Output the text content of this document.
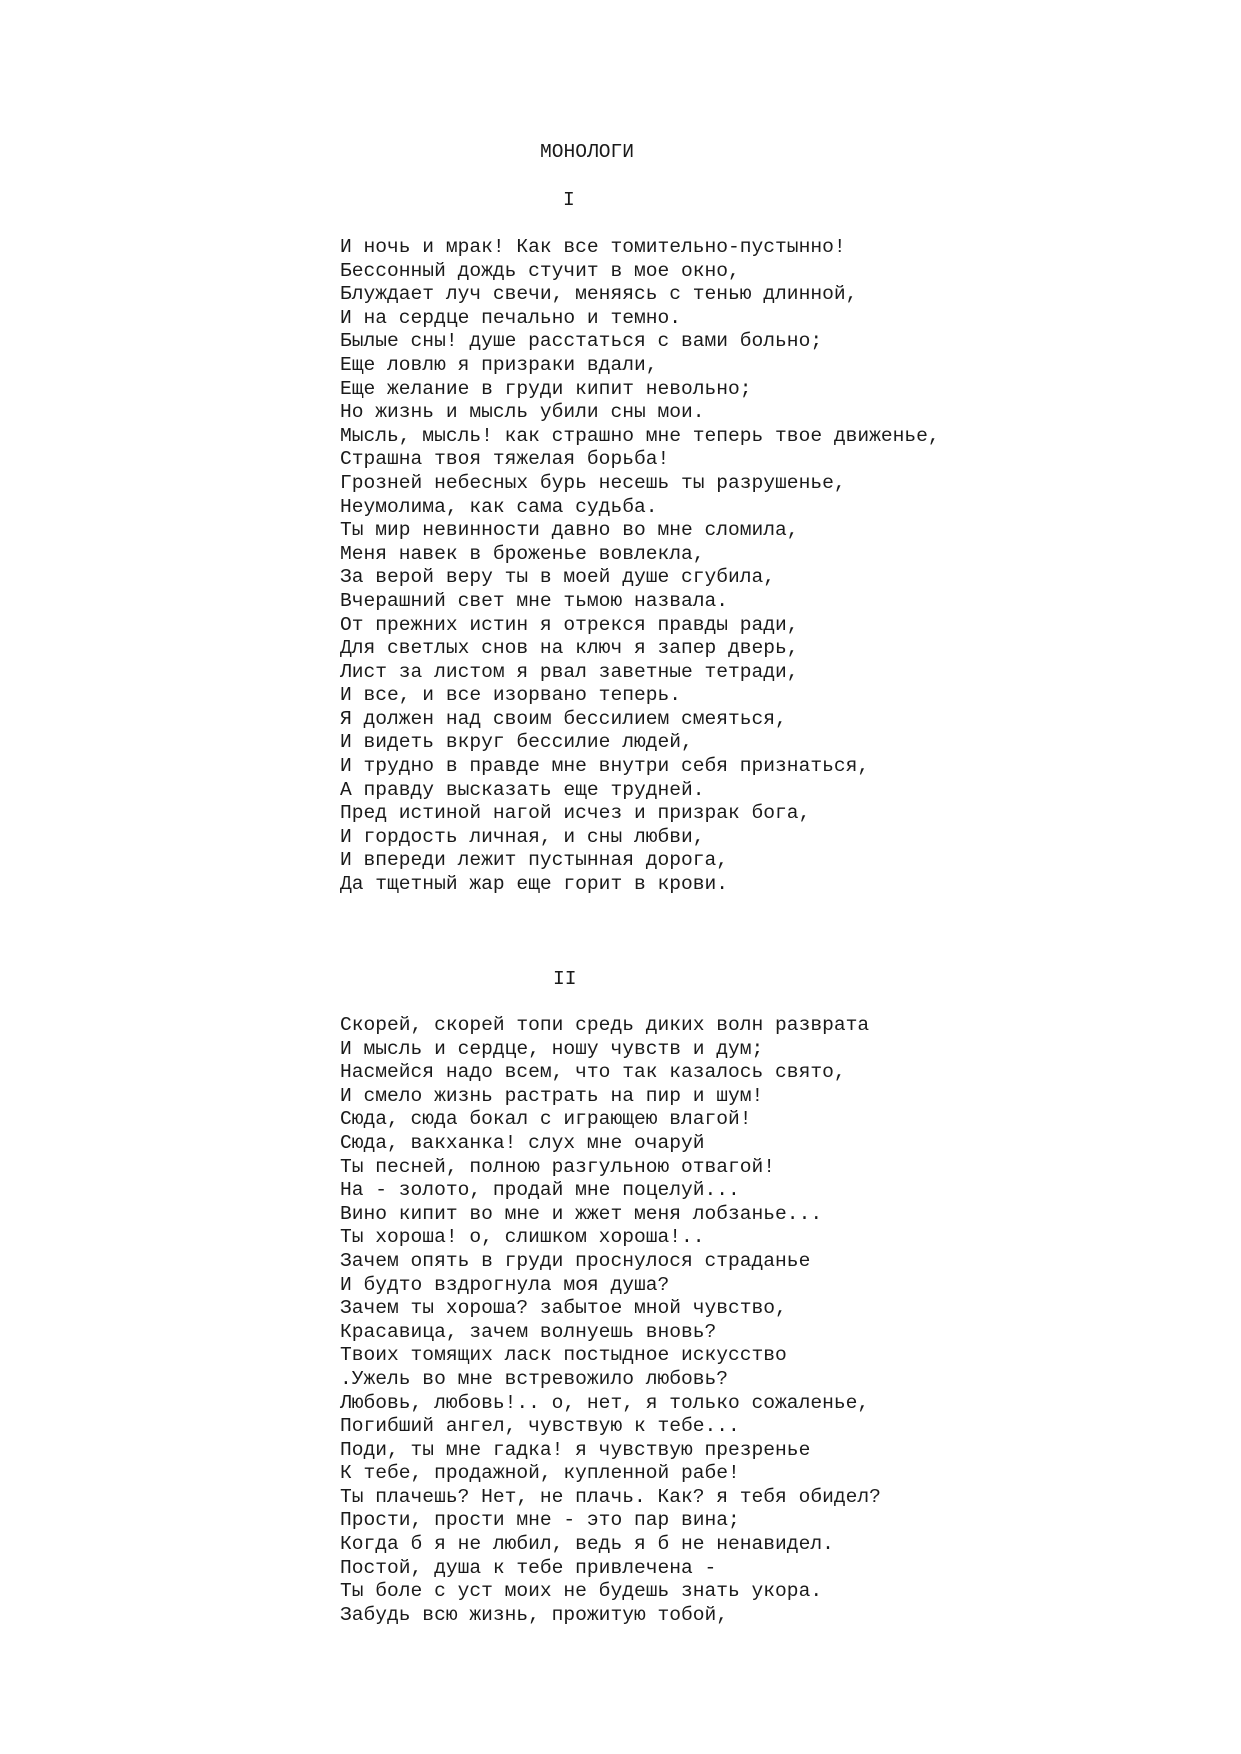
МОНОЛОГИ
I
И ночь и мрак! Как все томительно-пустынно!
Бессонный дождь стучит в мое окно,
Блуждает луч свечи, меняясь с тенью длинной,
И на сердце печально и темно.
Былые сны! душе расстаться с вами больно;
Еще ловлю я призраки вдали,
Еще желание в груди кипит невольно;
Но жизнь и мысль убили сны мои.
Мысль, мысль! как страшно мне теперь твое движенье,
Страшна твоя тяжелая борьба!
Грозней небесных бурь несешь ты разрушенье,
Неумолима, как сама судьба.
Ты мир невинности давно во мне сломила,
Меня навек в броженье вовлекла,
За верой веру ты в моей душе сгубила,
Вчерашний свет мне тьмою назвала.
От прежних истин я отрекся правды ради,
Для светлых снов на ключ я запер дверь,
Лист за листом я рвал заветные тетради,
И все, и все изорвано теперь.
Я должен над своим бессилием смеяться,
И видеть вкруг бессилие людей,
И трудно в правде мне внутри себя признаться,
А правду высказать еще трудней.
Пред истиной нагой исчез и призрак бога,
И гордость личная, и сны любви,
И впереди лежит пустынная дорога,
Да тщетный жар еще горит в крови.
II
Скорей, скорей топи средь диких волн разврата
И мысль и сердце, ношу чувств и дум;
Насмейся надо всем, что так казалось свято,
И смело жизнь растрать на пир и шум!
Сюда, сюда бокал с играющею влагой!
Сюда, вакханка! слух мне очаруй
Ты песней, полною разгульною отвагой!
На - золото, продай мне поцелуй...
Вино кипит во мне и жжет меня лобзанье...
Ты хороша! о, слишком хороша!..
Зачем опять в груди проснулося страданье
И будто вздрогнула моя душа?
Зачем ты хороша? забытое мной чувство,
Красавица, зачем волнуешь вновь?
Твоих томящих ласк постыдное искусство
.Ужель во мне встревожило любовь?
Любовь, любовь!.. о, нет, я только сожаленье,
Погибший ангел, чувствую к тебе...
Поди, ты мне гадка! я чувствую презренье
К тебе, продажной, купленной рабе!
Ты плачешь? Нет, не плачь. Как? я тебя обидел?
Прости, прости мне - это пар вина;
Когда б я не любил, ведь я б не ненавидел.
Постой, душа к тебе привлечена -
Ты боле с уст моих не будешь знать укора.
Забудь всю жизнь, прожитую тобой,
